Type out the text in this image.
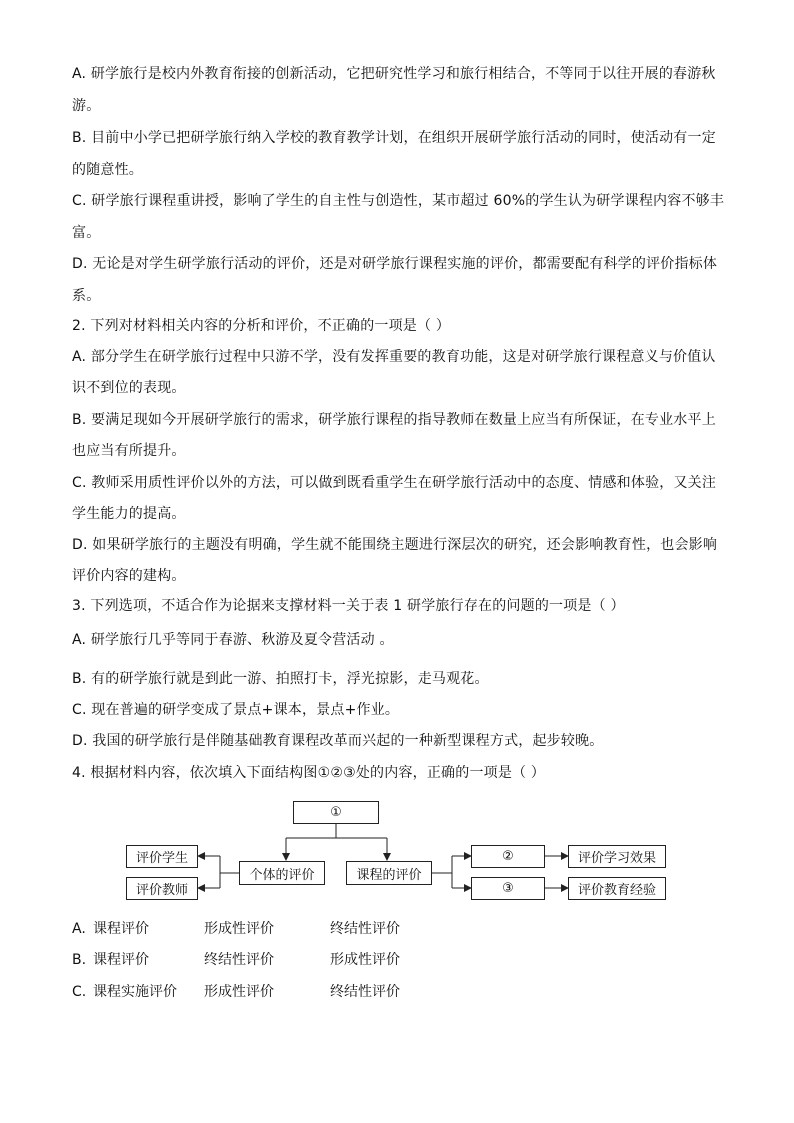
A. 研学旅行是校内外教育衔接的创新活动，它把研究性学习和旅行相结合，不等同于以往开展的春游秋
游。
B. 目前中小学已把研学旅行纳入学校的教育教学计划，在组织开展研学旅行活动的同时，使活动有一定
的随意性。
C. 研学旅行课程重讲授，影响了学生的自主性与创造性，某市超过 60%的学生认为研学课程内容不够丰
富。
D. 无论是对学生研学旅行活动的评价，还是对研学旅行课程实施的评价，都需要配有科学的评价指标体
系。
2. 下列对材料相关内容的分析和评价，不正确的一项是（ ）
A. 部分学生在研学旅行过程中只游不学，没有发挥重要的教育功能，这是对研学旅行课程意义与价值认
识不到位的表现。
B. 要满足现如今开展研学旅行的需求，研学旅行课程的指导教师在数量上应当有所保证，在专业水平上
也应当有所提升。
C. 教师采用质性评价以外的方法，可以做到既看重学生在研学旅行活动中的态度、情感和体验，又关注
学生能力的提高。
D. 如果研学旅行的主题没有明确，学生就不能围绕主题进行深层次的研究，还会影响教育性，也会影响
评价内容的建构。
3. 下列选项，不适合作为论据来支撑材料一关于表 1 研学旅行存在的问题的一项是（ ）
A. 研学旅行几乎等同于春游、秋游及夏令营活动 。
B. 有的研学旅行就是到此一游、拍照打卡，浮光掠影，走马观花。
C. 现在普遍的研学变成了景点+课本，景点+作业。
D. 我国的研学旅行是伴随基础教育课程改革而兴起的一种新型课程方式，起步较晚。
4. 根据材料内容，依次填入下面结构图①②③处的内容，正确的一项是（ ）
①
评价学生
评价教师
个体的评价	课程的评价
②
③
评价学习效果
评价教育经验
A. 课程评价	形成性评价	终结性评价
B. 课程评价	终结性评价	形成性评价
C. 课程实施评价 形成性评价	终结性评价
